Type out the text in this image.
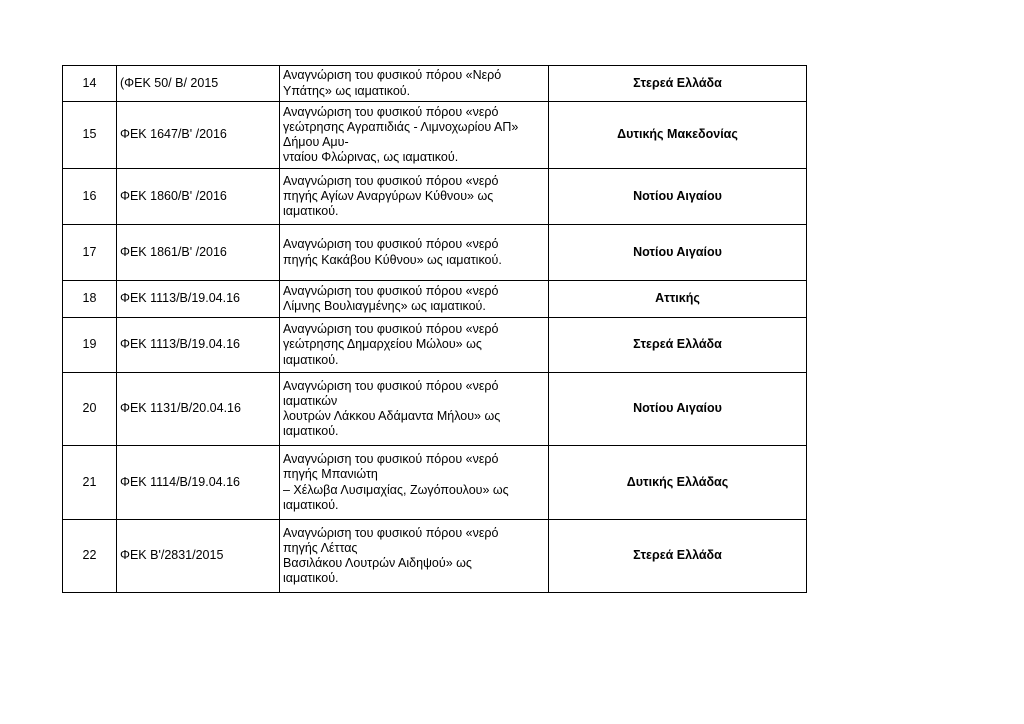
14	(ΦΕΚ 50/ Β/ 2015	Αναγνώριση του φυσικού πόρου «Νερό
Υπάτης» ως ιαματικού.	Στερεά Ελλάδα
15	ΦΕΚ 1647/Β' /2016	Αναγνώριση του φυσικού πόρου «νερό
γεώτρησης Αγραπιδιάς - Λιμνοχωρίου ΑΠ»
Δήμου Αμυ-
νταίου Φλώρινας, ως ιαματικού.	Δυτικής Μακεδονίας
16	ΦΕΚ 1860/Β' /2016	Αναγνώριση του φυσικού πόρου «νερό
πηγής Αγίων Αναργύρων Κύθνου» ως
ιαματικού.	Νοτίου Αιγαίου
17	ΦΕΚ 1861/Β' /2016	Αναγνώριση του φυσικού πόρου «νερό
πηγής Κακάβου Κύθνου» ως ιαματικού.	Νοτίου Αιγαίου
18	ΦΕΚ 1113/Β/19.04.16	Αναγνώριση του φυσικού πόρου «νερό
Λίμνης Βουλιαγμένης» ως ιαματικού.	Αττικής
19	ΦΕΚ 1113/Β/19.04.16	Αναγνώριση του φυσικού πόρου «νερό
γεώτρησης Δημαρχείου Μώλου» ως
ιαματικού.	Στερεά Ελλάδα
20	ΦΕΚ 1131/Β/20.04.16	Αναγνώριση του φυσικού πόρου «νερό
ιαματικών
λουτρών Λάκκου Αδάμαντα Μήλου» ως
ιαματικού.	Νοτίου Αιγαίου
21	ΦΕΚ 1114/Β/19.04.16	Αναγνώριση του φυσικού πόρου «νερό
πηγής Μπανιώτη
– Χέλωβα Λυσιμαχίας, Ζωγόπουλου» ως
ιαματικού.	Δυτικής Ελλάδας
22	ΦΕΚ Β'/2831/2015	Αναγνώριση του φυσικού πόρου «νερό
πηγής Λέττας
Βασιλάκου Λουτρών Αιδηψού» ως
ιαματικού.	Στερεά Ελλάδα
